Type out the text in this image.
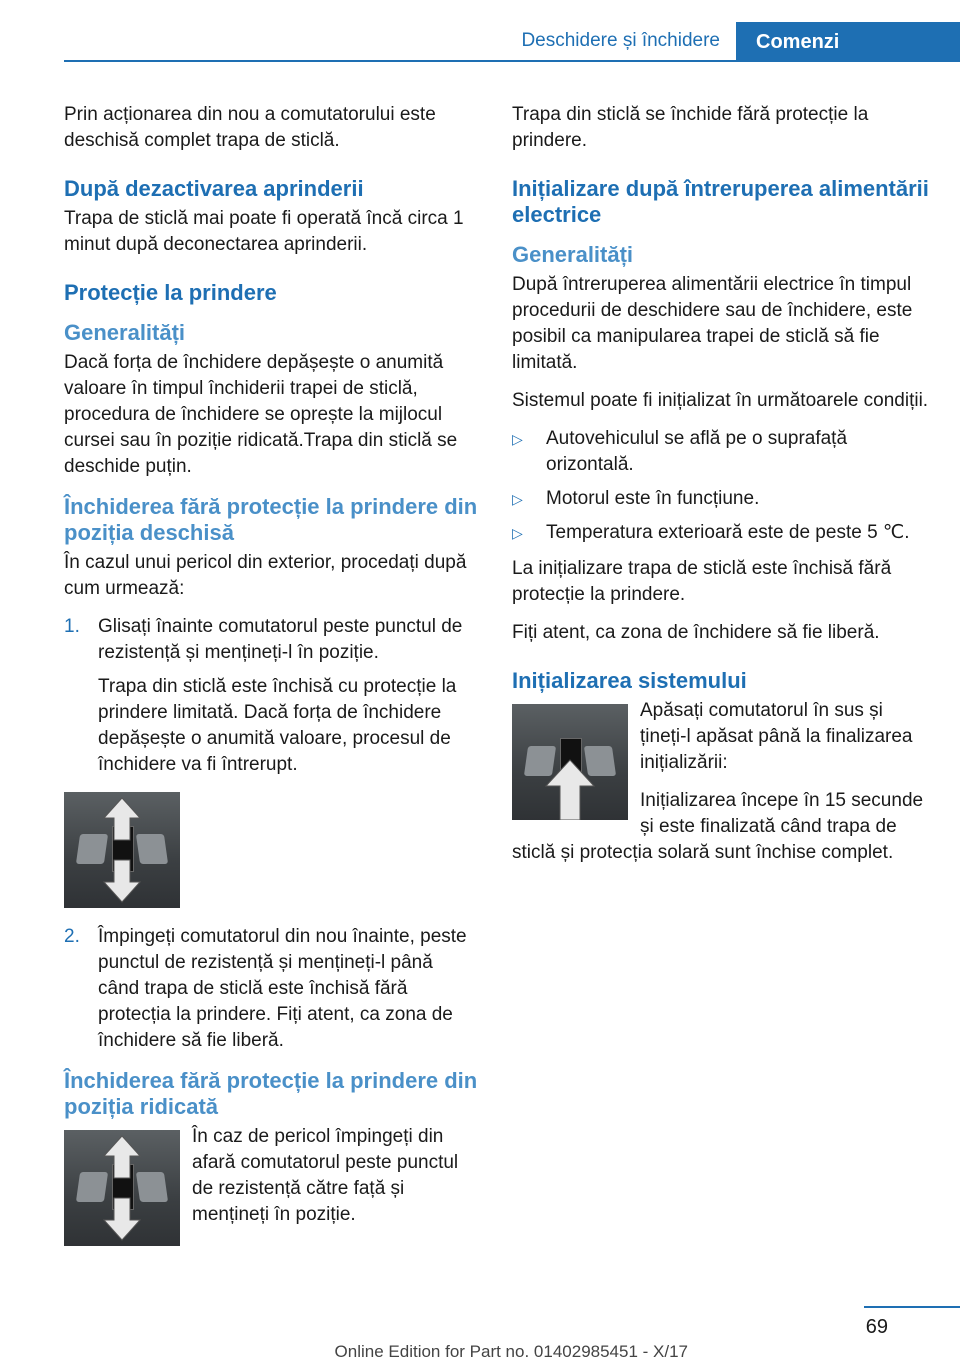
Deschidere și închidere	Comenzi

Prin acționarea din nou a comutatorului este deschisă complet trapa de sticlă.

După dezactivarea aprinderii

Trapa de sticlă mai poate fi operată încă circa 1 minut după deconectarea aprinderii.

Protecție la prindere
Generalități

Dacă forța de închidere depășește o anumită valoare în timpul închiderii trapei de sticlă, procedura de închidere se oprește la mijlocul cursei sau în poziție ridicată.Trapa din sticlă se deschide puțin.

Închiderea fără protecție la prindere din poziția deschisă

În cazul unui pericol din exterior, procedați după cum urmează:

1. Glisați înainte comutatorul peste punctul de rezistență și mențineți-l în poziție.

Trapa din sticlă este închisă cu protecție la prindere limitată. Dacă forța de închidere depășește o anumită valoare, procesul de închidere va fi întrerupt.

2. Împingeți comutatorul din nou înainte, peste punctul de rezistență și mențineți-l până când trapa de sticlă este închisă fără protecția la prindere. Fiți atent, ca zona de închidere să fie liberă.

Închiderea fără protecție la prindere din poziția ridicată

În caz de pericol împingeți din afară comutatorul peste punctul de rezistență către față și mențineți în poziție.

Trapa din sticlă se închide fără protecție la prindere.

Inițializare după întreruperea alimentării electrice
Generalități

După întreruperea alimentării electrice în timpul procedurii de deschidere sau de închidere, este posibil ca manipularea trapei de sticlă să fie limitată.

Sistemul poate fi inițializat în următoarele condiții.

▷ Autovehiculul se află pe o suprafață orizontală.
▷ Motorul este în funcțiune.
▷ Temperatura exterioară este de peste 5 ℃.

La inițializare trapa de sticlă este închisă fără protecție la prindere.

Fiți atent, ca zona de închidere să fie liberă.

Inițializarea sistemului

Apăsați comutatorul în sus și țineți-l apăsat până la finalizarea inițializării:

Inițializarea începe în 15 secunde și este finalizată când trapa de sticlă și protecția solară sunt închise complet.

69
Online Edition for Part no. 01402985451 - X/17
